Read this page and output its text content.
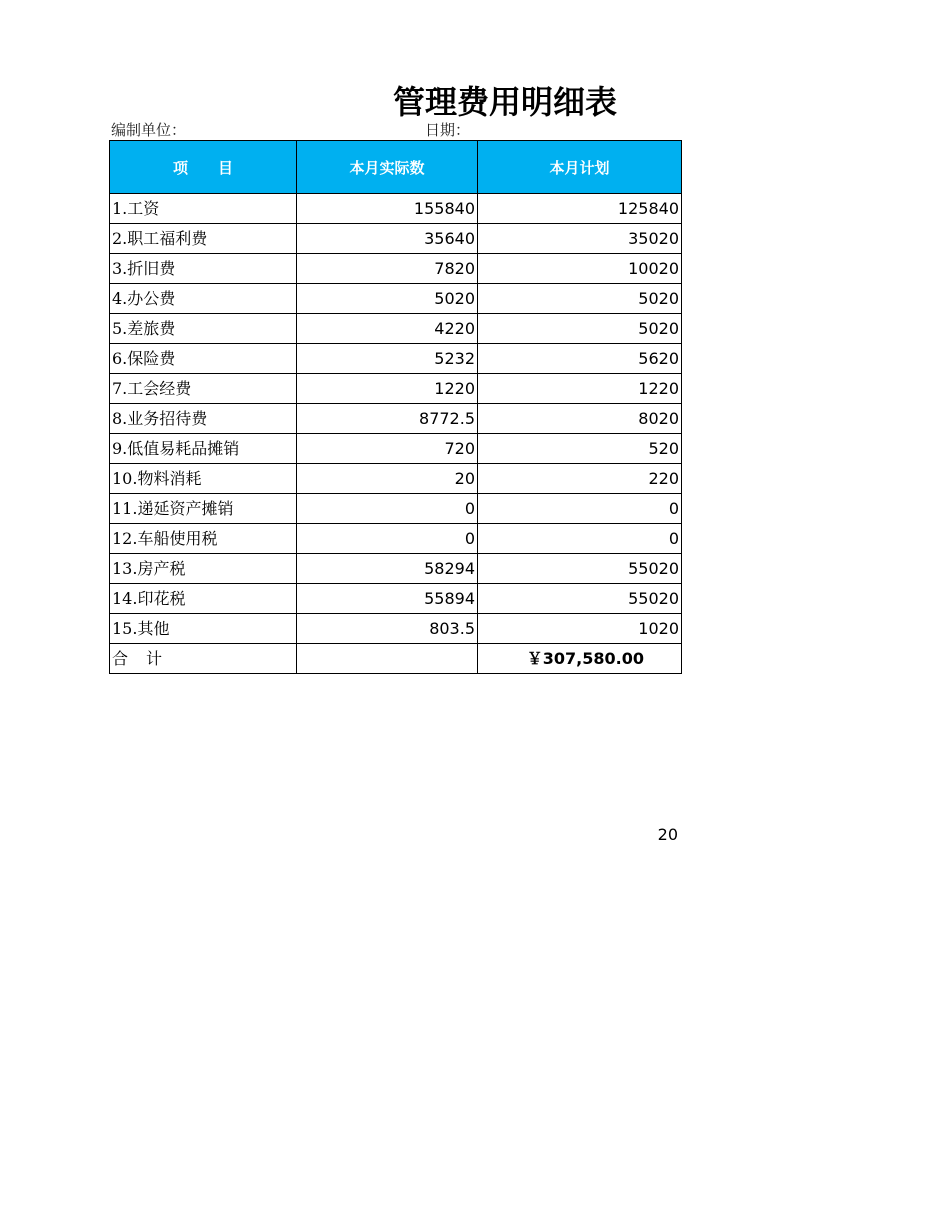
管理费用明细表
编制单位：	日期：
项　　目	本月实际数	本月计划
1.工资	155840	125840
2.职工福利费	35640	35020
3.折旧费	7820	10020
4.办公费	5020	5020
5.差旅费	4220	5020
6.保险费	5232	5620
7.工会经费	1220	1220
8.业务招待费	8772.5	8020
9.低值易耗品摊销	720	520
10.物料消耗	20	220
11.递延资产摊销	0	0
12.车船使用税	0	0
13.房产税	58294	55020
14.印花税	55894	55020
15.其他	803.5	1020
合　计		￥307,580.00
20
